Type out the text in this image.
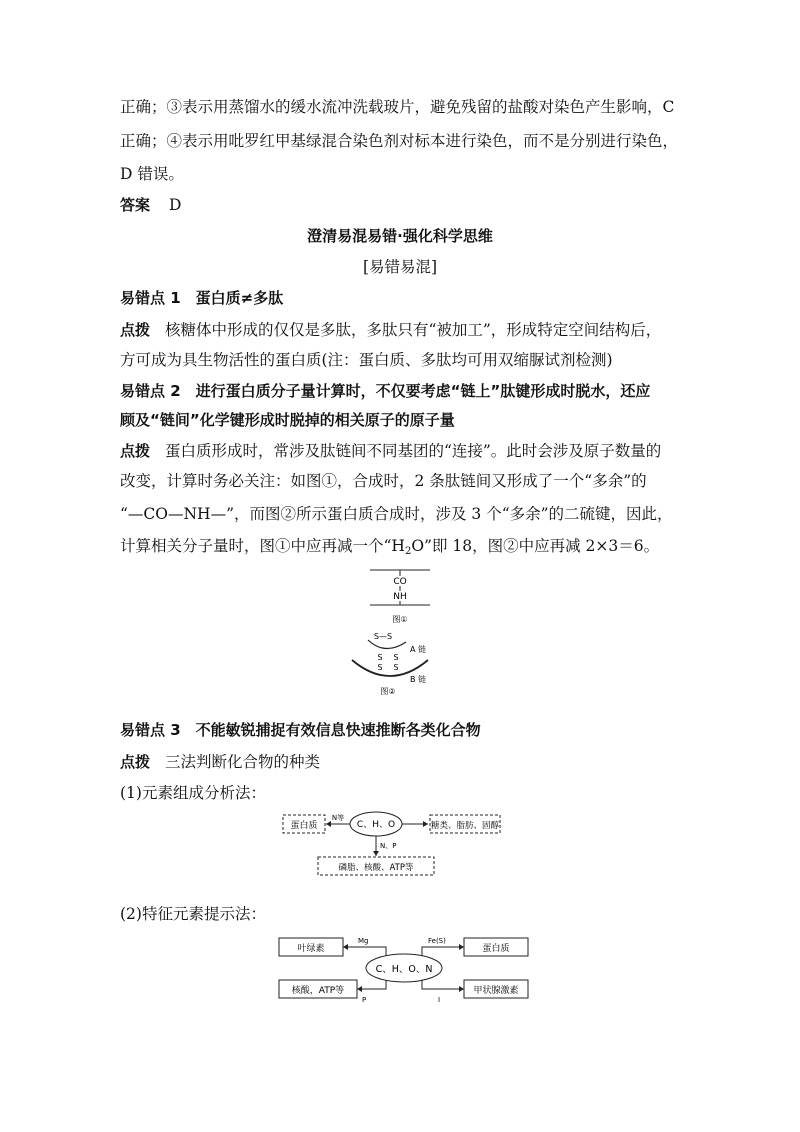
正确；③表示用蒸馏水的缓水流冲洗载玻片，避免残留的盐酸对染色产生影响，C
正确；④表示用吡罗红甲基绿混合染色剂对标本进行染色，而不是分别进行染色，
D 错误。
答案 D
澄清易混易错·强化科学思维
[易错易混]
易错点 1　蛋白质≠多肽
点拨 核糖体中形成的仅仅是多肽，多肽只有“被加工”，形成特定空间结构后，
方可成为具生物活性的蛋白质(注：蛋白质、多肽均可用双缩脲试剂检测)
易错点 2　进行蛋白质分子量计算时，不仅要考虑“链上”肽键形成时脱水，还应
顾及“链间”化学键形成时脱掉的相关原子的原子量
点拨 蛋白质形成时，常涉及肽链间不同基团的“连接”。此时会涉及原子数量的
改变，计算时务必关注：如图①，合成时，2 条肽链间又形成了一个“多余”的
“—CO—NH—”，而图②所示蛋白质合成时，涉及 3 个“多余”的二硫键，因此，
计算相关分子量时，图①中应再减一个“$H_2O$”即 18，图②中应再减 2×3＝6。
CO
NH
图①
S—S
S
S
S
S
A 链
B 链
图②
易错点 3　不能敏锐捕捉有效信息快速推断各类化合物
点拨 三法判断化合物的种类
(1)元素组成分析法：
蛋白质
N等
C、H、O	糖类、脂肪、固醇
N、P
磷脂、核酸、ATP等
(2)特征元素提示法：
叶绿素	蛋白质
核酸，ATP等	甲状腺激素
C、H、O、N
Mg	Fe(S)
P	I
